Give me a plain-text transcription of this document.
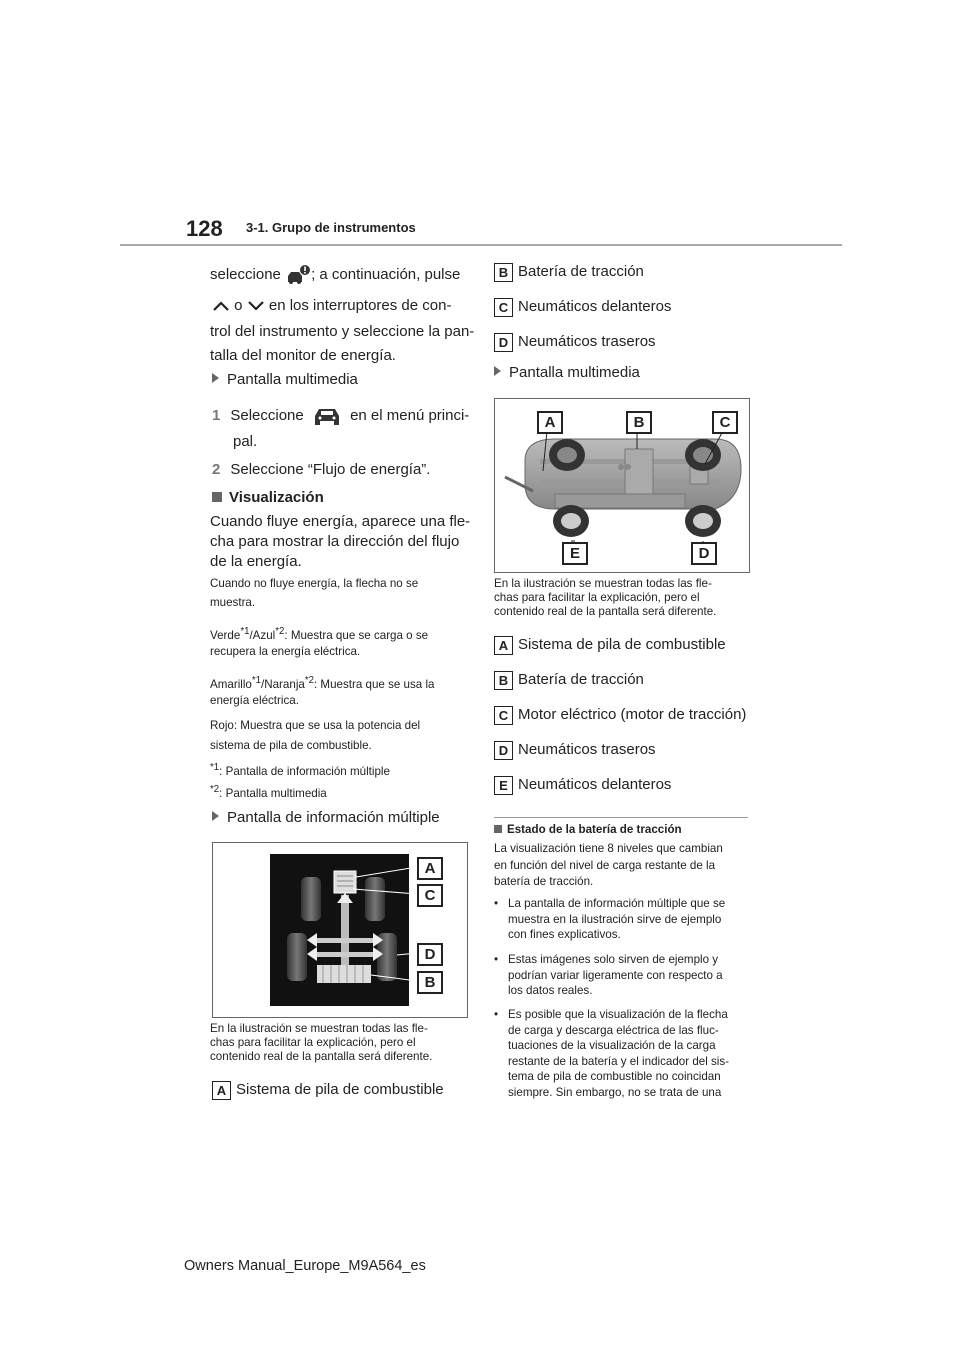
128 3-1. Grupo de instrumentos
seleccione ; a continuación, pulse
o en los interruptores de con-
trol del instrumento y seleccione la pan-
talla del monitor de energía.
Pantalla multimedia
1 Seleccione	en el menú princi-
pal.
2 Seleccione “Flujo de energía”.
Visualización
Cuando fluye energía, aparece una fle-
cha para mostrar la dirección del flujo
de la energía.
Cuando no fluye energía, la flecha no se
muestra.
Verde$^{*1}$/Azul$^{*2}$: Muestra que se carga o se
recupera la energía eléctrica.
Amarillo$^{*1}$/Naranja$^{*2}$: Muestra que se usa la
energía eléctrica.
Rojo: Muestra que se usa la potencia del
sistema de pila de combustible.
$^{*1}$: Pantalla de información múltiple
$^{*2}$: Pantalla multimedia
Pantalla de información múltiple
A
C
D
B
En la ilustración se muestran todas las fle-
chas para facilitar la explicación, pero el
contenido real de la pantalla será diferente.
A Sistema de pila de combustible
B Batería de tracción
C Neumáticos delanteros
D Neumáticos traseros
Pantalla multimedia
A	B	C
E	D
En la ilustración se muestran todas las fle-
chas para facilitar la explicación, pero el
contenido real de la pantalla será diferente.
A Sistema de pila de combustible
B Batería de tracción
C Motor eléctrico (motor de tracción)
D Neumáticos traseros
E Neumáticos delanteros
Estado de la batería de tracción
La visualización tiene 8 niveles que cambian
en función del nivel de carga restante de la
batería de tracción.
• La pantalla de información múltiple que se
muestra en la ilustración sirve de ejemplo
con fines explicativos.
• Estas imágenes solo sirven de ejemplo y
podrían variar ligeramente con respecto a
los datos reales.
• Es posible que la visualización de la flecha
de carga y descarga eléctrica de las fluc-
tuaciones de la visualización de la carga
restante de la batería y el indicador del sis-
tema de pila de combustible no coincidan
siempre. Sin embargo, no se trata de una
Owners Manual_Europe_M9A564_es
